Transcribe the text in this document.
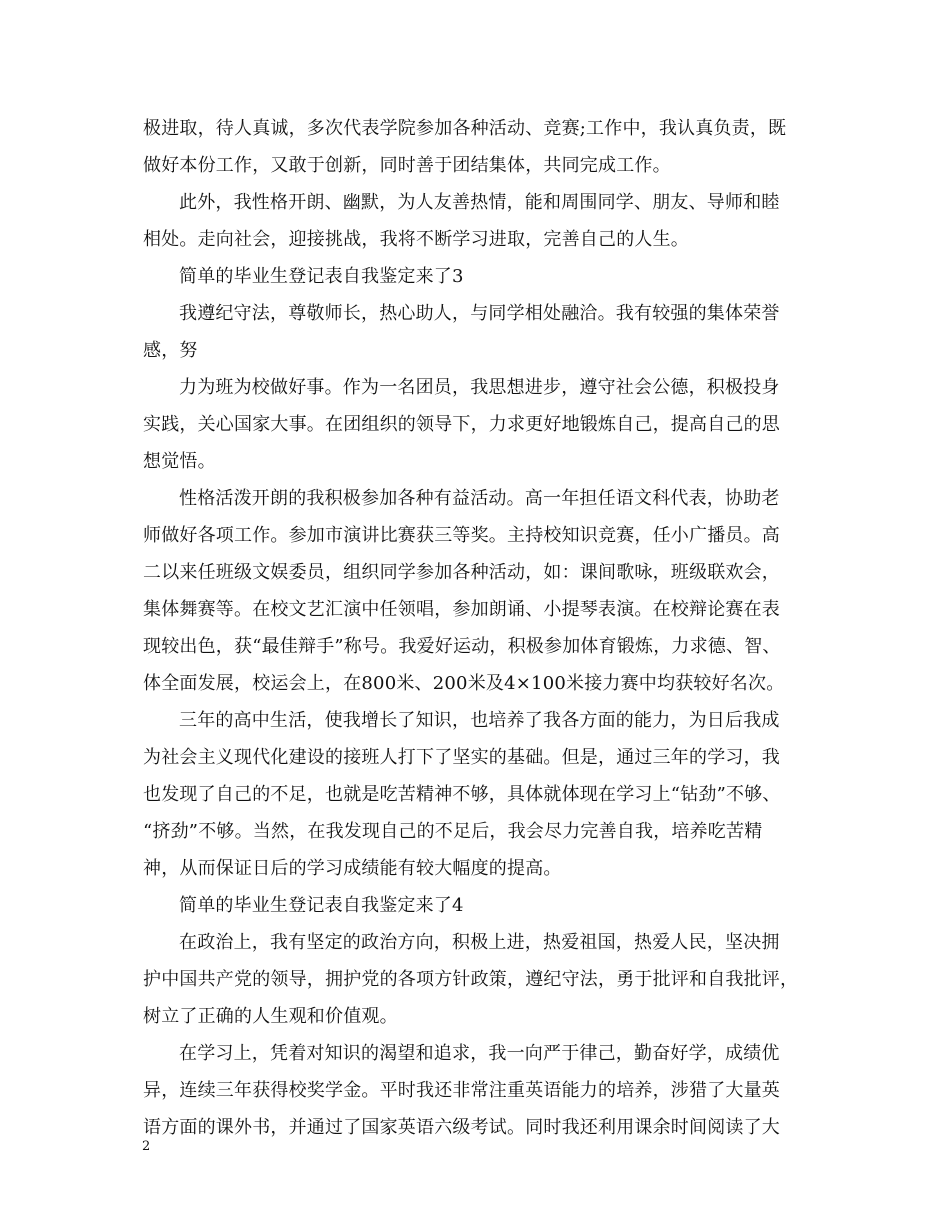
极进取，待人真诚，多次代表学院参加各种活动、竞赛;工作中，我认真负责，既
做好本份工作，又敢于创新，同时善于团结集体，共同完成工作。
此外，我性格开朗、幽默，为人友善热情，能和周围同学、朋友、导师和睦
相处。走向社会，迎接挑战，我将不断学习进取，完善自己的人生。
简单的毕业生登记表自我鉴定来了3
我遵纪守法，尊敬师长，热心助人，与同学相处融洽。我有较强的集体荣誉
感，努
力为班为校做好事。作为一名团员，我思想进步，遵守社会公德，积极投身
实践，关心国家大事。在团组织的领导下，力求更好地锻炼自己，提高自己的思
想觉悟。
性格活泼开朗的我积极参加各种有益活动。高一年担任语文科代表，协助老
师做好各项工作。参加市演讲比赛获三等奖。主持校知识竞赛，任小广播员。高
二以来任班级文娱委员，组织同学参加各种活动，如：课间歌咏，班级联欢会，
集体舞赛等。在校文艺汇演中任领唱，参加朗诵、小提琴表演。在校辩论赛在表
现较出色，获“最佳辩手”称号。我爱好运动，积极参加体育锻炼，力求德、智、
体全面发展，校运会上，在800米、200米及4×100米接力赛中均获较好名次。
三年的高中生活，使我增长了知识，也培养了我各方面的能力，为日后我成
为社会主义现代化建设的接班人打下了坚实的基础。但是，通过三年的学习，我
也发现了自己的不足，也就是吃苦精神不够，具体就体现在学习上“钻劲”不够、
“挤劲”不够。当然，在我发现自己的不足后，我会尽力完善自我，培养吃苦精
神，从而保证日后的学习成绩能有较大幅度的提高。
简单的毕业生登记表自我鉴定来了4
在政治上，我有坚定的政治方向，积极上进，热爱祖国，热爱人民，坚决拥
护中国共产党的领导，拥护党的各项方针政策，遵纪守法，勇于批评和自我批评，
树立了正确的人生观和价值观。
在学习上，凭着对知识的渴望和追求，我一向严于律己，勤奋好学，成绩优
异，连续三年获得校奖学金。平时我还非常注重英语能力的培养，涉猎了大量英
语方面的课外书，并通过了国家英语六级考试。同时我还利用课余时间阅读了大
2
